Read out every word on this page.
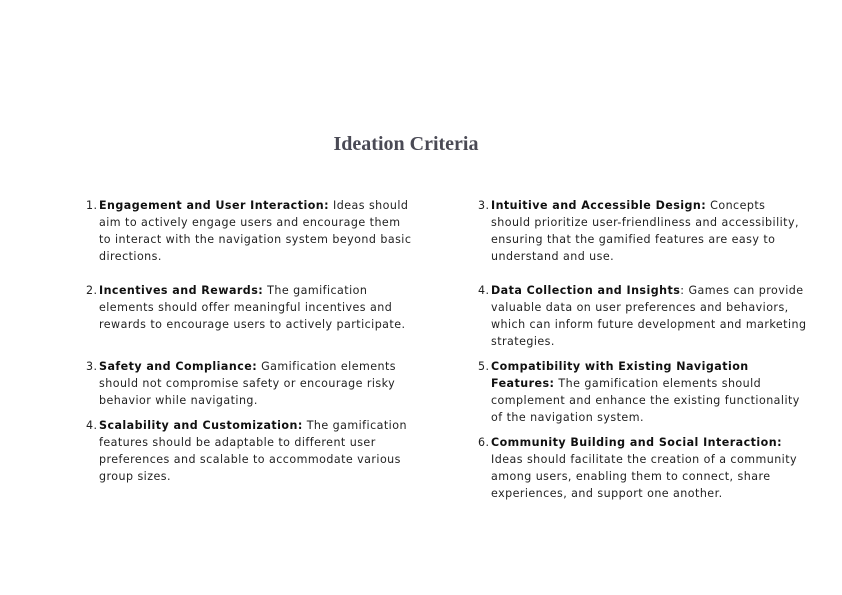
Ideation Criteria
1. Engagement and User Interaction: Ideas should aim to actively engage users and encourage them to interact with the navigation system beyond basic directions.
2. Incentives and Rewards: The gamification elements should offer meaningful incentives and rewards to encourage users to actively participate.
3. Safety and Compliance: Gamification elements should not compromise safety or encourage risky behavior while navigating.
4. Scalability and Customization: The gamification features should be adaptable to different user preferences and scalable to accommodate various group sizes.
3. Intuitive and Accessible Design: Concepts should prioritize user-friendliness and accessibility, ensuring that the gamified features are easy to understand and use.
4. Data Collection and Insights: Games can provide valuable data on user preferences and behaviors, which can inform future development and marketing strategies.
5. Compatibility with Existing Navigation Features: The gamification elements should complement and enhance the existing functionality of the navigation system.
6. Community Building and Social Interaction: Ideas should facilitate the creation of a community among users, enabling them to connect, share experiences, and support one another.
